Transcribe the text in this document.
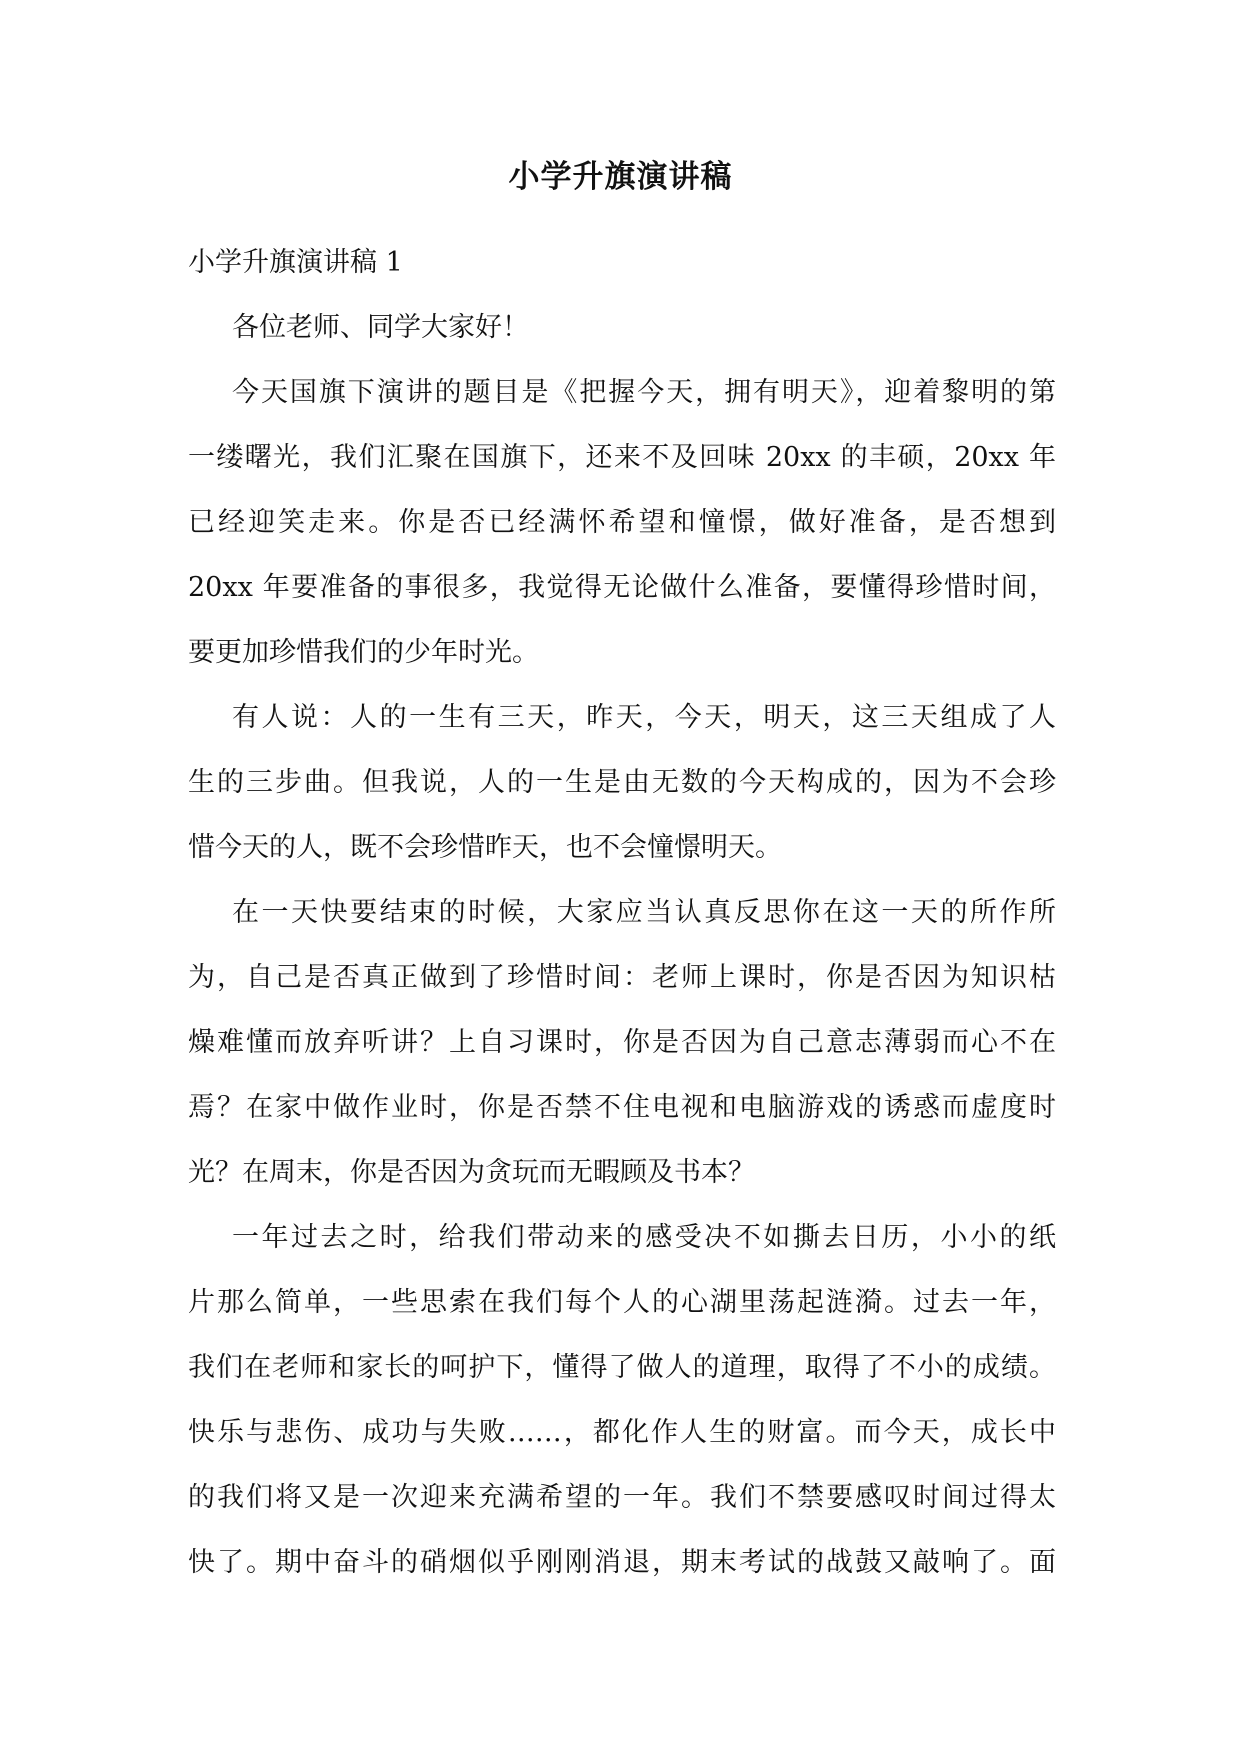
小学升旗演讲稿
小学升旗演讲稿 1
各位老师、同学大家好！
今天国旗下演讲的题目是《把握今天，拥有明天》，迎着黎明的第
一缕曙光，我们汇聚在国旗下，还来不及回味 20xx 的丰硕，20xx 年
已经迎笑走来。你是否已经满怀希望和憧憬，做好准备，是否想到
20xx 年要准备的事很多，我觉得无论做什么准备，要懂得珍惜时间，
要更加珍惜我们的少年时光。
有人说：人的一生有三天，昨天，今天，明天，这三天组成了人
生的三步曲。但我说，人的一生是由无数的今天构成的，因为不会珍
惜今天的人，既不会珍惜昨天，也不会憧憬明天。
在一天快要结束的时候，大家应当认真反思你在这一天的所作所
为，自己是否真正做到了珍惜时间：老师上课时，你是否因为知识枯
燥难懂而放弃听讲？上自习课时，你是否因为自己意志薄弱而心不在
焉？在家中做作业时，你是否禁不住电视和电脑游戏的诱惑而虚度时
光？在周末，你是否因为贪玩而无暇顾及书本？
一年过去之时，给我们带动来的感受决不如撕去日历，小小的纸
片那么简单，一些思索在我们每个人的心湖里荡起涟漪。过去一年，
我们在老师和家长的呵护下，懂得了做人的道理，取得了不小的成绩。
快乐与悲伤、成功与失败……，都化作人生的财富。而今天，成长中
的我们将又是一次迎来充满希望的一年。我们不禁要感叹时间过得太
快了。期中奋斗的硝烟似乎刚刚消退，期末考试的战鼓又敲响了。面
